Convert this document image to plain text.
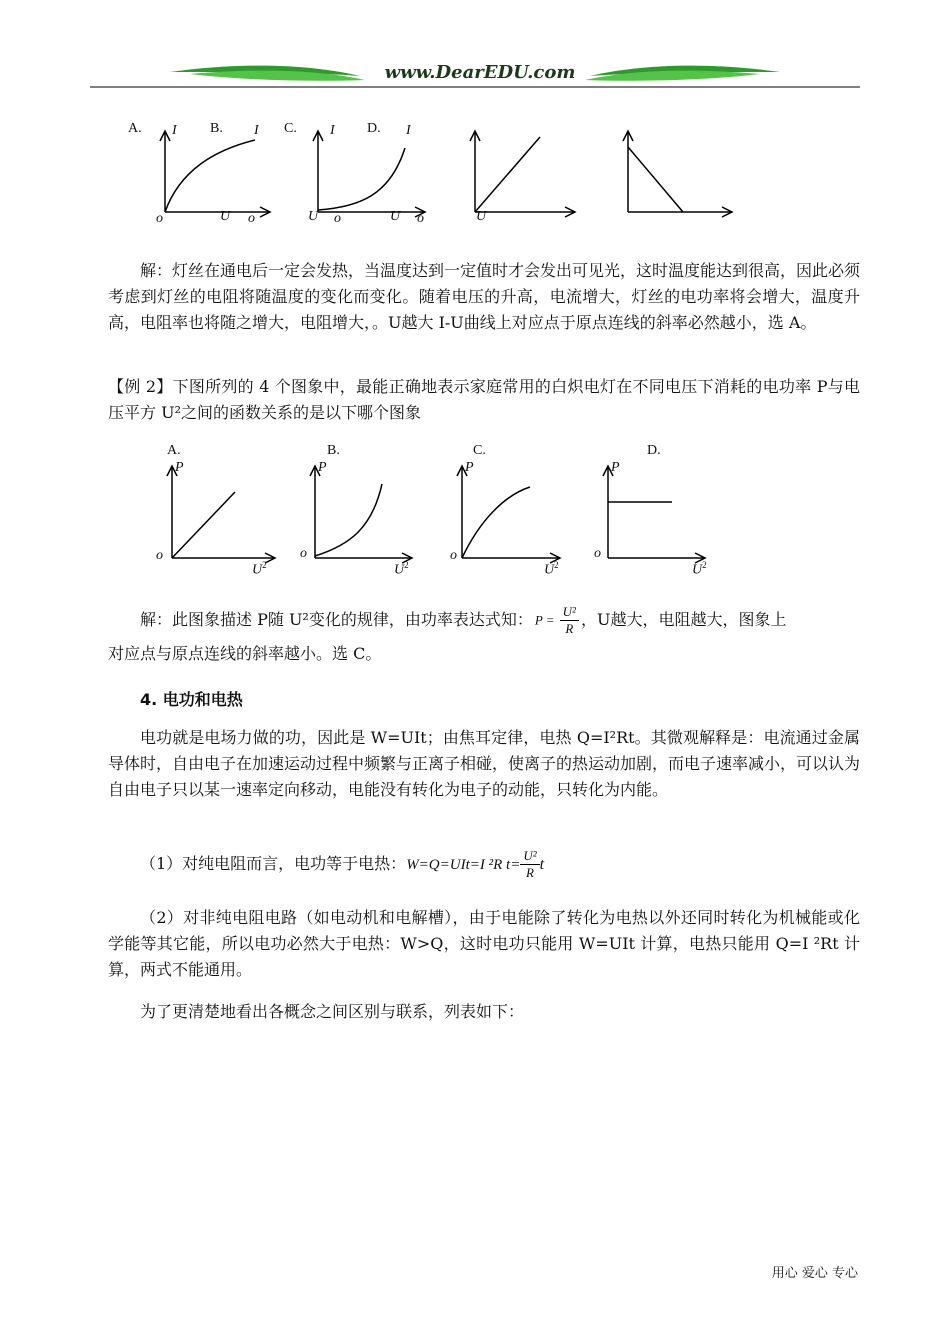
www.DearEDU.com
A. I B. I C. I D. I
o	U o	U o	U o	U

解：灯丝在通电后一定会发热，当温度达到一定值时才会发出可见光，这时温度能达到很高，因此必须考虑到灯丝的电阻将随温度的变化而变化。随着电压的升高，电流增大，灯丝的电功率将会增大，温度升高，电阻率也将随之增大，电阻增大，。U越大 I-U曲线上对应点于原点连线的斜率必然越小，选 A。

【例 2】下图所列的 4 个图象中，最能正确地表示家庭常用的白炽电灯在不同电压下消耗的电功率 P与电压平方 U²之间的函数关系的是以下哪个图象

A.	B.	C.	D.
P	P	P	P
o	o	o	o
$U^2$	$U^2$	$U^2$	$U^2$
解：此图象描述 P随 U²变化的规律，由功率表达式知： $P = \frac{\text{U²}}{R}$ ，U越大，电阻越大，图象上
对应点与原点连线的斜率越小。选 C。
4. 电功和电热

电功就是电场力做的功，因此是 W=UIt；由焦耳定律，电热 Q=I²Rt。其微观解释是：电流通过金属导体时，自由电子在加速运动过程中频繁与正离子相碰，使离子的热运动加剧，而电子速率减小，可以认为自由电子只以某一速率定向移动，电能没有转化为电子的动能，只转化为内能。

（1）对纯电阻而言，电功等于电热：W=Q=UIt=I ²R $t= \frac{\text{U²}}{R}$ t

（2）对非纯电阻电路（如电动机和电解槽），由于电能除了转化为电热以外还同时转化为机械能或化学能等其它能，所以电功必然大于电热：W>Q，这时电功只能用 W=UIt 计算，电热只能用 Q=I ²Rt 计算，两式不能通用。

为了更清楚地看出各概念之间区别与联系，列表如下：

用心 爱心 专心
